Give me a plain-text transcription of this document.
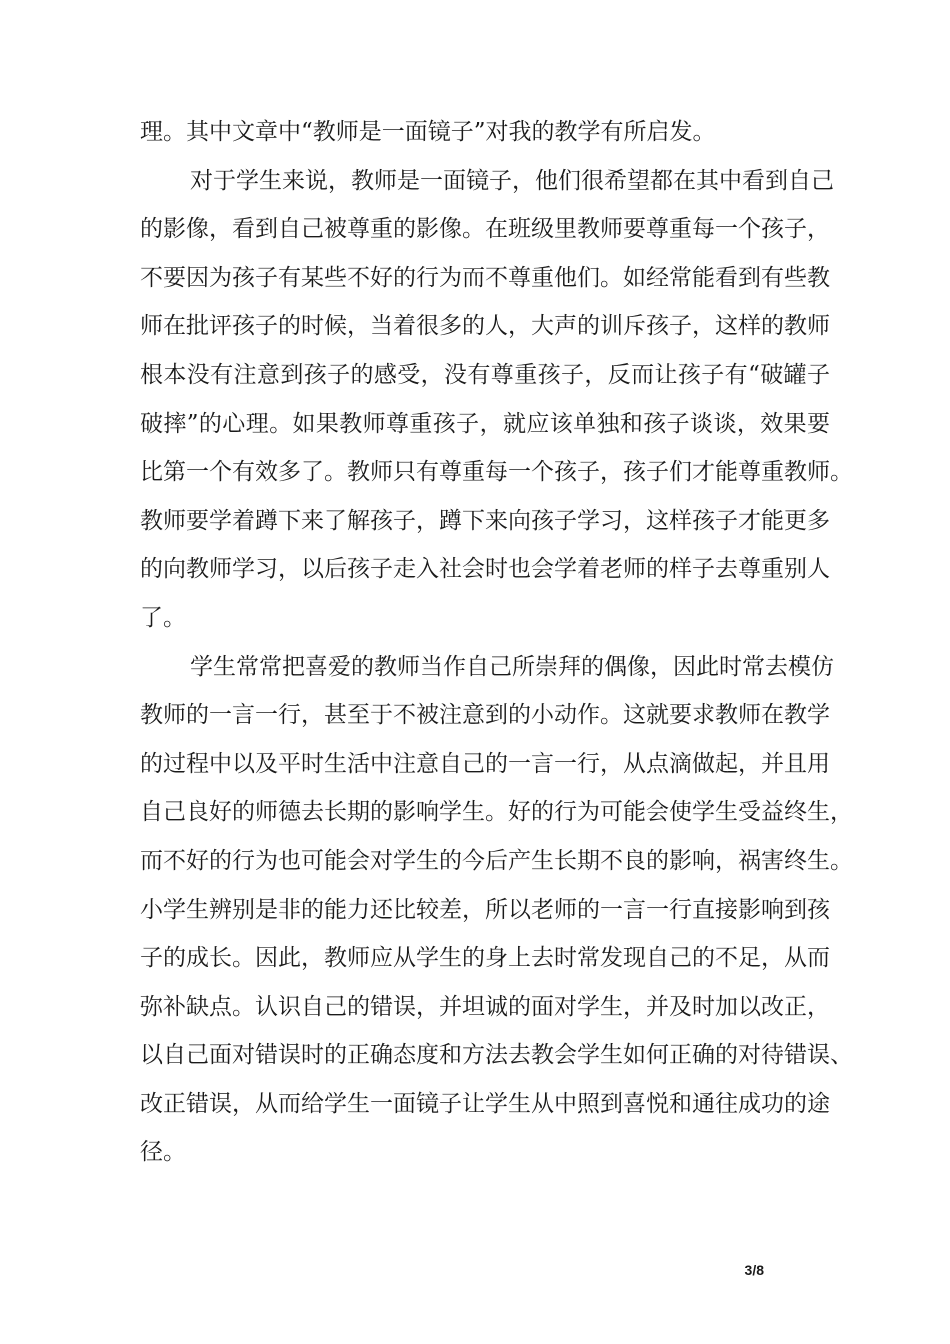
理。其中文章中“教师是一面镜子”对我的教学有所启发。
对于学生来说，教师是一面镜子，他们很希望都在其中看到自己
的影像，看到自己被尊重的影像。在班级里教师要尊重每一个孩子，
不要因为孩子有某些不好的行为而不尊重他们。如经常能看到有些教
师在批评孩子的时候，当着很多的人，大声的训斥孩子，这样的教师
根本没有注意到孩子的感受，没有尊重孩子，反而让孩子有“破罐子
破摔”的心理。如果教师尊重孩子，就应该单独和孩子谈谈，效果要
比第一个有效多了。教师只有尊重每一个孩子，孩子们才能尊重教师。
教师要学着蹲下来了解孩子，蹲下来向孩子学习，这样孩子才能更多
的向教师学习，以后孩子走入社会时也会学着老师的样子去尊重别人
了。
学生常常把喜爱的教师当作自己所崇拜的偶像，因此时常去模仿
教师的一言一行，甚至于不被注意到的小动作。这就要求教师在教学
的过程中以及平时生活中注意自己的一言一行，从点滴做起，并且用
自己良好的师德去长期的影响学生。好的行为可能会使学生受益终生，
而不好的行为也可能会对学生的今后产生长期不良的影响，祸害终生。
小学生辨别是非的能力还比较差，所以老师的一言一行直接影响到孩
子的成长。因此，教师应从学生的身上去时常发现自己的不足，从而
弥补缺点。认识自己的错误，并坦诚的面对学生，并及时加以改正，
以自己面对错误时的正确态度和方法去教会学生如何正确的对待错误、
改正错误，从而给学生一面镜子让学生从中照到喜悦和通往成功的途
径。
3/8
